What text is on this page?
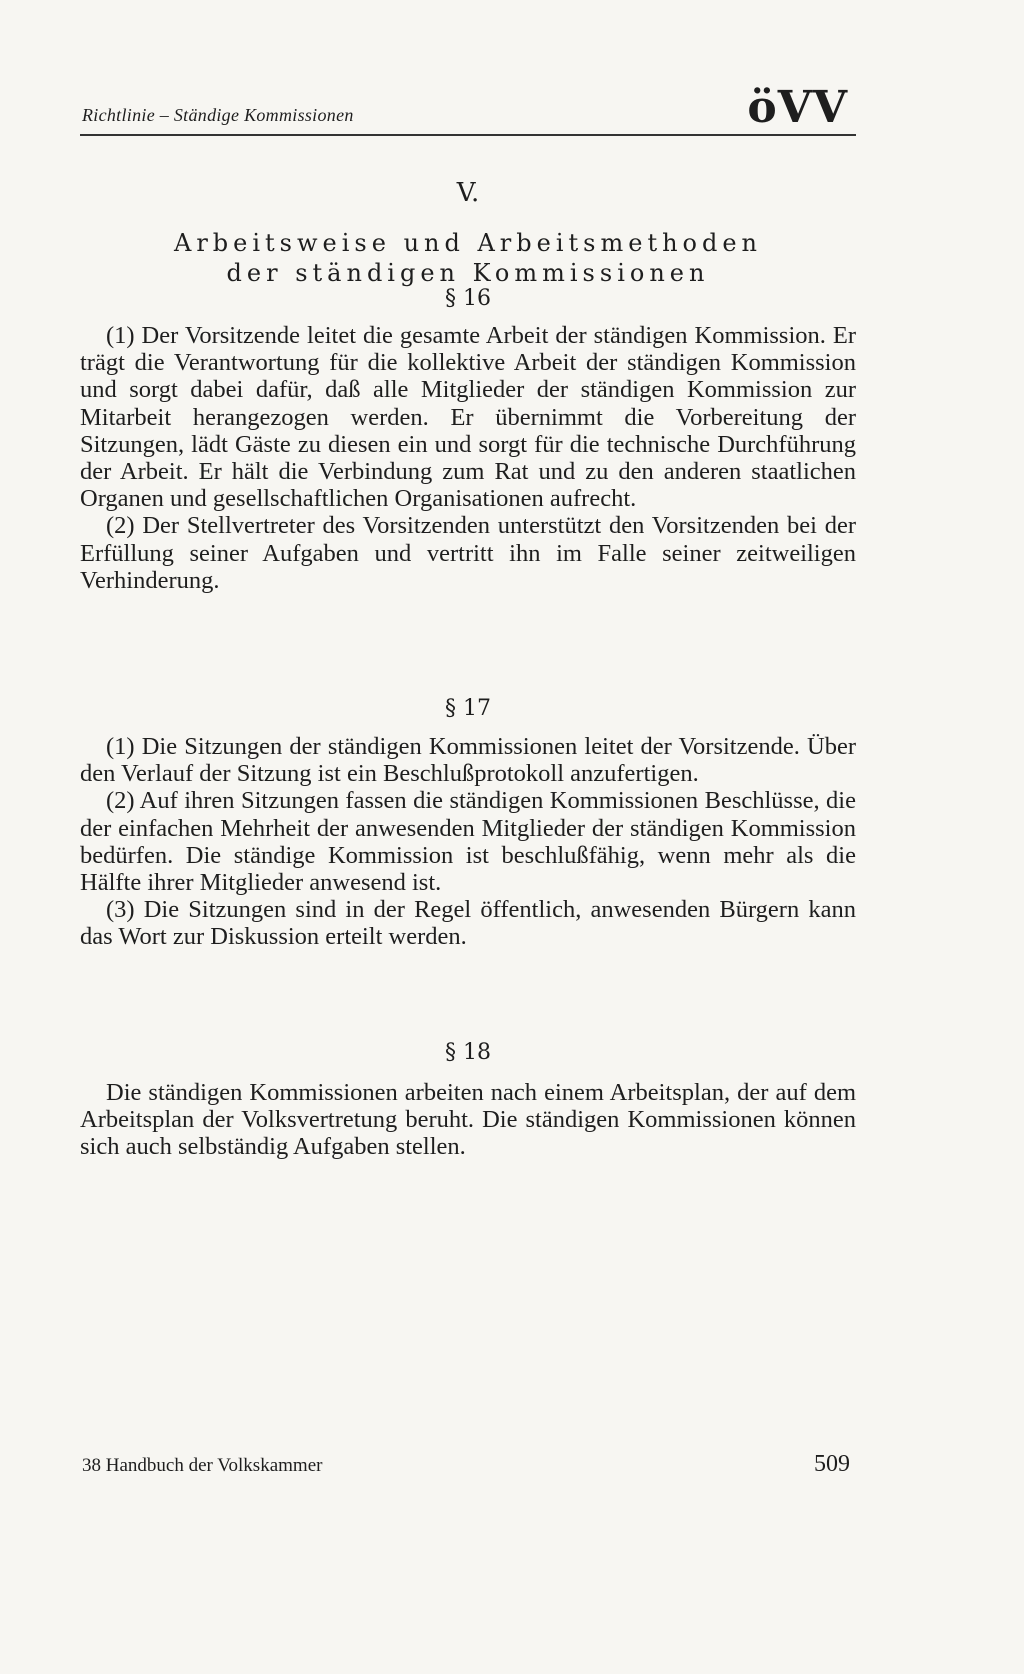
Richtlinie – Ständige Kommissionen	öVV
V.
Arbeitsweise und Arbeitsmethoden
der ständigen Kommissionen
§ 16

(1) Der Vorsitzende leitet die gesamte Arbeit der ständigen Kommission. Er trägt die Verantwortung für die kollektive Arbeit der ständigen Kommission und sorgt dabei dafür, daß alle Mitglieder der ständigen Kommission zur Mitarbeit herangezogen werden. Er übernimmt die Vorbereitung der Sitzungen, lädt Gäste zu diesen ein und sorgt für die technische Durchführung der Arbeit. Er hält die Verbindung zum Rat und zu den anderen staatlichen Organen und gesellschaftlichen Organisationen aufrecht.

(2) Der Stellvertreter des Vorsitzenden unterstützt den Vorsitzenden bei der Erfüllung seiner Aufgaben und vertritt ihn im Falle seiner zeitweiligen Verhinderung.

§ 17

(1) Die Sitzungen der ständigen Kommissionen leitet der Vorsitzende. Über den Verlauf der Sitzung ist ein Beschlußprotokoll anzufertigen.

(2) Auf ihren Sitzungen fassen die ständigen Kommissionen Beschlüsse, die der einfachen Mehrheit der anwesenden Mitglieder der ständigen Kommission bedürfen. Die ständige Kommission ist beschlußfähig, wenn mehr als die Hälfte ihrer Mitglieder anwesend ist.

(3) Die Sitzungen sind in der Regel öffentlich, anwesenden Bürgern kann das Wort zur Diskussion erteilt werden.

§ 18

Die ständigen Kommissionen arbeiten nach einem Arbeitsplan, der auf dem Arbeitsplan der Volksvertretung beruht. Die ständigen Kommissionen können sich auch selbständig Aufgaben stellen.

38 Handbuch der Volkskammer	509
